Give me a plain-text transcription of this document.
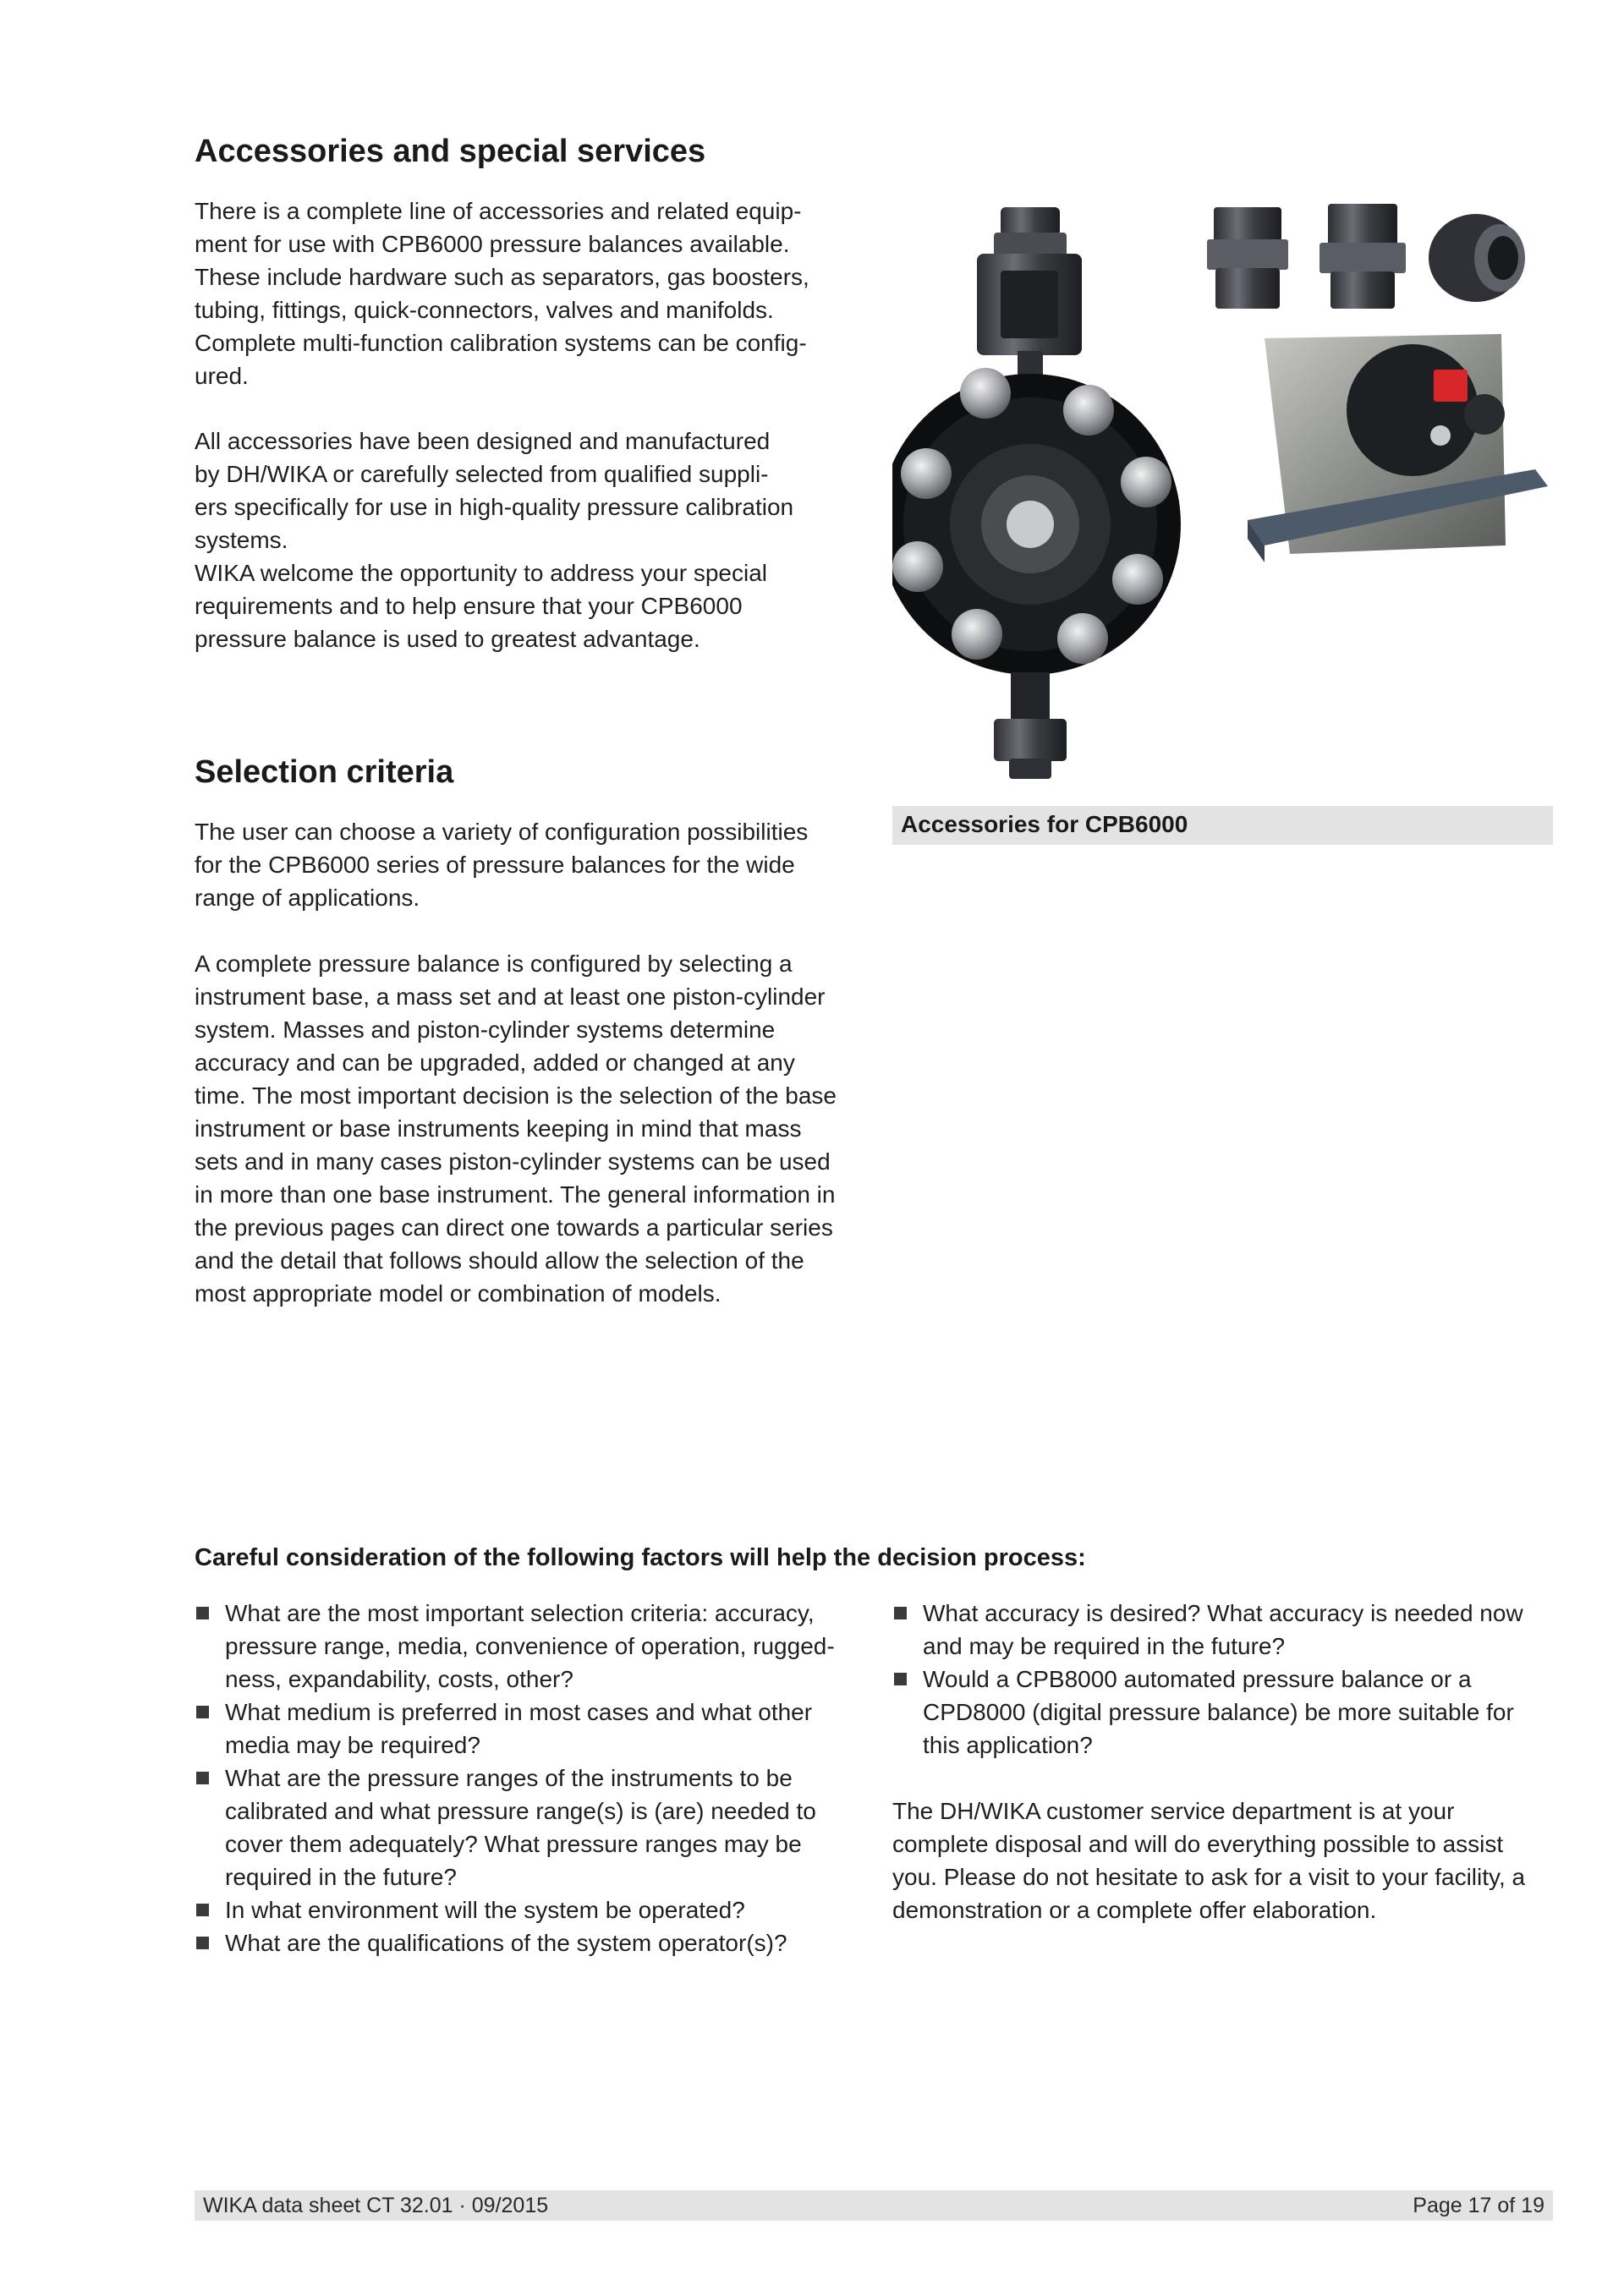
Accessories and special services

There is a complete line of accessories and related equip-
ment for use with CPB6000 pressure balances available.
These include hardware such as separators, gas boosters,
tubing, fittings, quick-connectors, valves and manifolds.
Complete multi-function calibration systems can be config-
ured.

All accessories have been designed and manufactured
by DH/WIKA or carefully selected from qualified suppli-
ers specifically for use in high-quality pressure calibration
systems.
WIKA welcome the opportunity to address your special
requirements and to help ensure that your CPB6000
pressure balance is used to greatest advantage.

Accessories for CPB6000
Selection criteria

The user can choose a variety of configuration possibilities
for the CPB6000 series of pressure balances for the wide
range of applications.

A complete pressure balance is configured by selecting a
instrument base, a mass set and at least one piston-cylinder
system. Masses and piston-cylinder systems determine
accuracy and can be upgraded, added or changed at any
time. The most important decision is the selection of the base
instrument or base instruments keeping in mind that mass
sets and in many cases piston-cylinder systems can be used
in more than one base instrument. The general information in
the previous pages can direct one towards a particular series
and the detail that follows should allow the selection of the
most appropriate model or combination of models.

Careful consideration of the following factors will help the decision process:
What are the most important selection criteria: accuracy,
pressure range, media, convenience of operation, rugged-
ness, expandability, costs, other?
What medium is preferred in most cases and what other
media may be required?
What are the pressure ranges of the instruments to be
calibrated and what pressure range(s) is (are) needed to
cover them adequately? What pressure ranges may be
required in the future?
In what environment will the system be operated?
What are the qualifications of the system operator(s)?
What accuracy is desired? What accuracy is needed now
and may be required in the future?
Would a CPB8000 automated pressure balance or a
CPD8000 (digital pressure balance) be more suitable for
this application?

The DH/WIKA customer service department is at your
complete disposal and will do everything possible to assist
you. Please do not hesitate to ask for a visit to your facility, a
demonstration or a complete offer elaboration.

WIKA data sheet CT 32.01 · 09/2015	Page 17 of 19
